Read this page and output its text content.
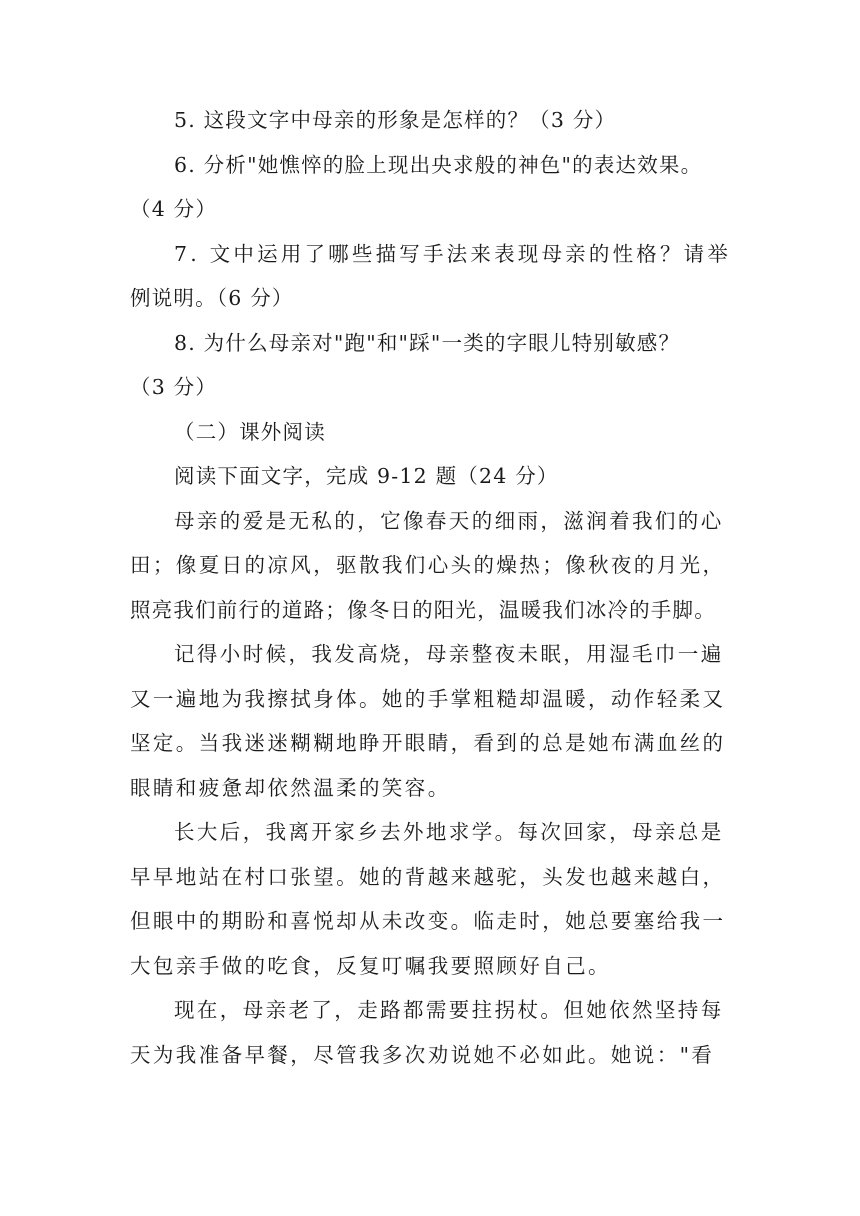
5. 这段文字中母亲的形象是怎样的？（3 分）
6. 分析"她憔悴的脸上现出央求般的神色"的表达效果。
（4 分）
7. 文中运用了哪些描写手法来表现母亲的性格？请举
例说明。（6 分）
8. 为什么母亲对"跑"和"踩"一类的字眼儿特别敏感？
（3 分）
（二）课外阅读
阅读下面文字，完成 9-12 题（24 分）
母亲的爱是无私的，它像春天的细雨，滋润着我们的心
田；像夏日的凉风，驱散我们心头的燥热；像秋夜的月光，
照亮我们前行的道路；像冬日的阳光，温暖我们冰冷的手脚。
记得小时候，我发高烧，母亲整夜未眠，用湿毛巾一遍
又一遍地为我擦拭身体。她的手掌粗糙却温暖，动作轻柔又
坚定。当我迷迷糊糊地睁开眼睛，看到的总是她布满血丝的
眼睛和疲惫却依然温柔的笑容。
长大后，我离开家乡去外地求学。每次回家，母亲总是
早早地站在村口张望。她的背越来越驼，头发也越来越白，
但眼中的期盼和喜悦却从未改变。临走时，她总要塞给我一
大包亲手做的吃食，反复叮嘱我要照顾好自己。
现在，母亲老了，走路都需要拄拐杖。但她依然坚持每
天为我准备早餐，尽管我多次劝说她不必如此。她说："看
